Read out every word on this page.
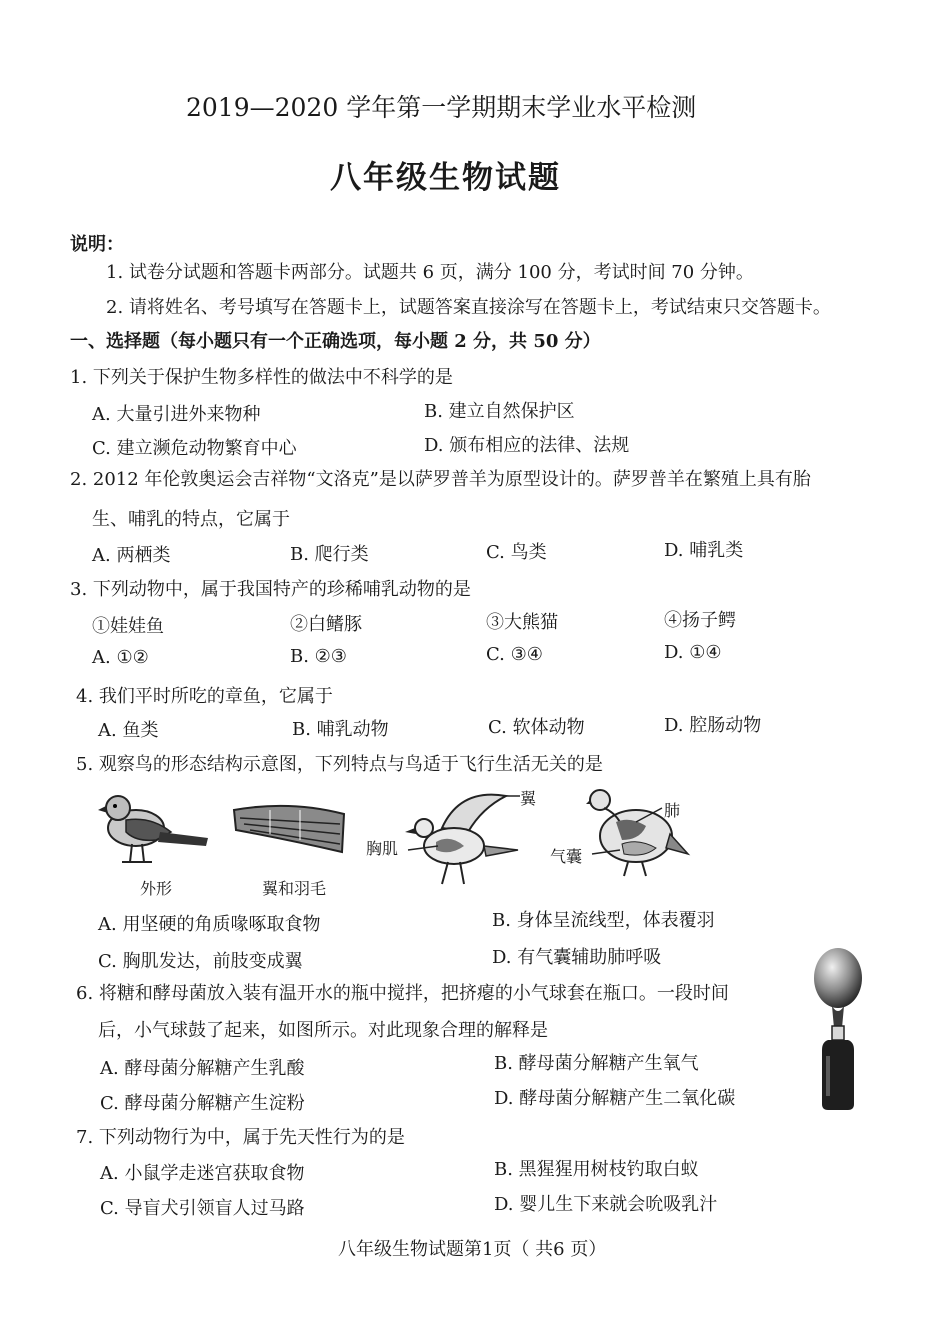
2019—2020 学年第一学期期末学业水平检测
八年级生物试题
说明：
1. 试卷分试题和答题卡两部分。试题共 6 页，满分 100 分，考试时间 70 分钟。
2. 请将姓名、考号填写在答题卡上，试题答案直接涂写在答题卡上，考试结束只交答题卡。
一、选择题（每小题只有一个正确选项，每小题 2 分，共 50 分）
1. 下列关于保护生物多样性的做法中不科学的是
A. 大量引进外来物种	B. 建立自然保护区
C. 建立濒危动物繁育中心	D. 颁布相应的法律、法规
2. 2012 年伦敦奥运会吉祥物“文洛克”是以萨罗普羊为原型设计的。萨罗普羊在繁殖上具有胎
生、哺乳的特点，它属于
A. 两栖类	B. 爬行类	C. 鸟类	D. 哺乳类
3. 下列动物中，属于我国特产的珍稀哺乳动物的是
①娃娃鱼	②白鳍豚	③大熊猫	④扬子鳄
A. ①②	B. ②③	C. ③④	D. ①④
4. 我们平时所吃的章鱼，它属于
A. 鱼类	B. 哺乳动物	C. 软体动物	D. 腔肠动物
5. 观察鸟的形态结构示意图，下列特点与鸟适于飞行生活无关的是
外形	翼和羽毛
翼
胸肌
肺
气囊
A. 用坚硬的角质喙啄取食物	B. 身体呈流线型，体表覆羽
C. 胸肌发达，前肢变成翼	D. 有气囊辅助肺呼吸
6. 将糖和酵母菌放入装有温开水的瓶中搅拌，把挤瘪的小气球套在瓶口。一段时间
后，小气球鼓了起来，如图所示。对此现象合理的解释是
A. 酵母菌分解糖产生乳酸	B. 酵母菌分解糖产生氧气
C. 酵母菌分解糖产生淀粉	D. 酵母菌分解糖产生二氧化碳
7. 下列动物行为中，属于先天性行为的是
A. 小鼠学走迷宫获取食物	B. 黑猩猩用树枝钓取白蚁
C. 导盲犬引领盲人过马路	D. 婴儿生下来就会吮吸乳汁
八年级生物试题第1页（ 共6 页）
